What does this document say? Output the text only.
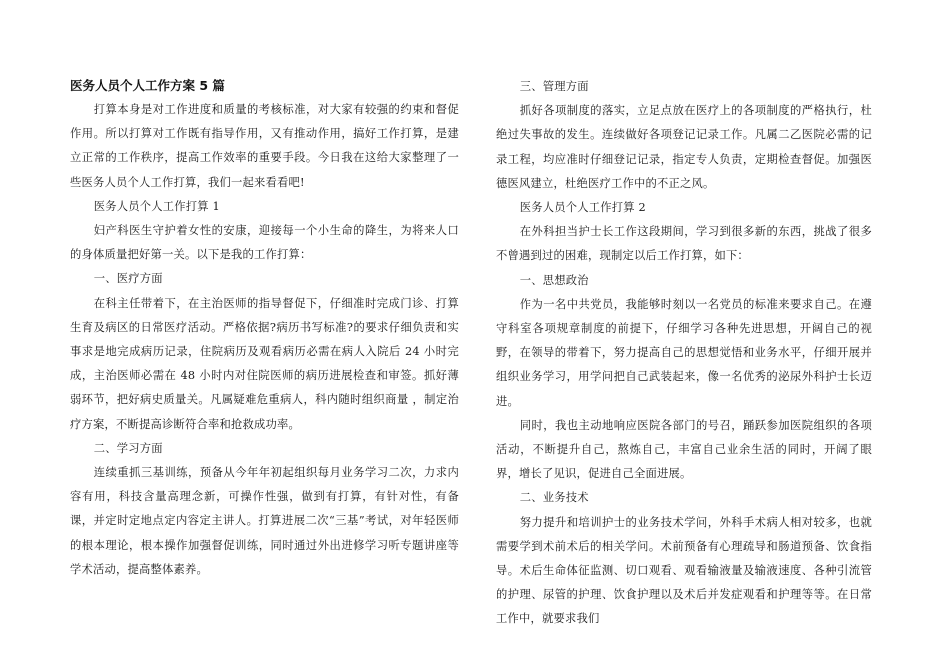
医务人员个人工作方案 5 篇

打算本身是对工作进度和质量的考核标准，对大家有较强的约束和督促作用。所以打算对工作既有指导作用，又有推动作用，搞好工作打算，是建立正常的工作秩序，提高工作效率的重要手段。今日我在这给大家整理了一些医务人员个人工作打算，我们一起来看看吧!

医务人员个人工作打算 1

妇产科医生守护着女性的安康，迎接每一个小生命的降生，为将来人口的身体质量把好第一关。以下是我的工作打算：

一、医疗方面

在科主任带着下，在主治医师的指导督促下，仔细准时完成门诊、打算生育及病区的日常医疗活动。严格依据?病历书写标准?的要求仔细负责和实事求是地完成病历记录，住院病历及观看病历必需在病人入院后 24 小时完成，主治医师必需在 48 小时内对住院医师的病历进展检查和审签。抓好薄弱环节，把好病史质量关。凡属疑难危重病人，科内随时组织商量 ，制定治疗方案，不断提高诊断符合率和抢救成功率。

二、学习方面

连续重抓三基训练，预备从今年年初起组织每月业务学习二次，力求内容有用，科技含量高理念新，可操作性强，做到有打算，有针对性，有备课，并定时定地点定内容定主讲人。打算进展二次“三基”考试，对年轻医师的根本理论，根本操作加强督促训练，同时通过外出进修学习听专题讲座等学术活动，提高整体素养。

三、管理方面

抓好各项制度的落实，立足点放在医疗上的各项制度的严格执行，杜绝过失事故的发生。连续做好各项登记记录工作。凡属二乙医院必需的记录工程，均应准时仔细登记记录，指定专人负责，定期检查督促。加强医德医风建立，杜绝医疗工作中的不正之风。

医务人员个人工作打算 2

在外科担当护士长工作这段期间，学习到很多新的东西，挑战了很多不曾遇到过的困难，现制定以后工作打算，如下：

一、思想政治

作为一名中共党员，我能够时刻以一名党员的标准来要求自己。在遵守科室各项规章制度的前提下，仔细学习各种先进思想，开阔自己的视野，在领导的带着下，努力提高自己的思想觉悟和业务水平，仔细开展并组织业务学习，用学问把自己武装起来，像一名优秀的泌尿外科护士长迈进。

同时，我也主动地响应医院各部门的号召，踊跃参加医院组织的各项活动，不断提升自己，熬炼自己，丰富自己业余生活的同时，开阔了眼界，增长了见识，促进自己全面进展。

二、业务技术

努力提升和培训护士的业务技术学问，外科手术病人相对较多，也就需要学到术前术后的相关学问。术前预备有心理疏导和肠道预备、饮食指导。术后生命体征监测、切口观看、观看输液量及输液速度、各种引流管的护理、尿管的护理、饮食护理以及术后并发症观看和护理等等。在日常工作中，就要求我们
